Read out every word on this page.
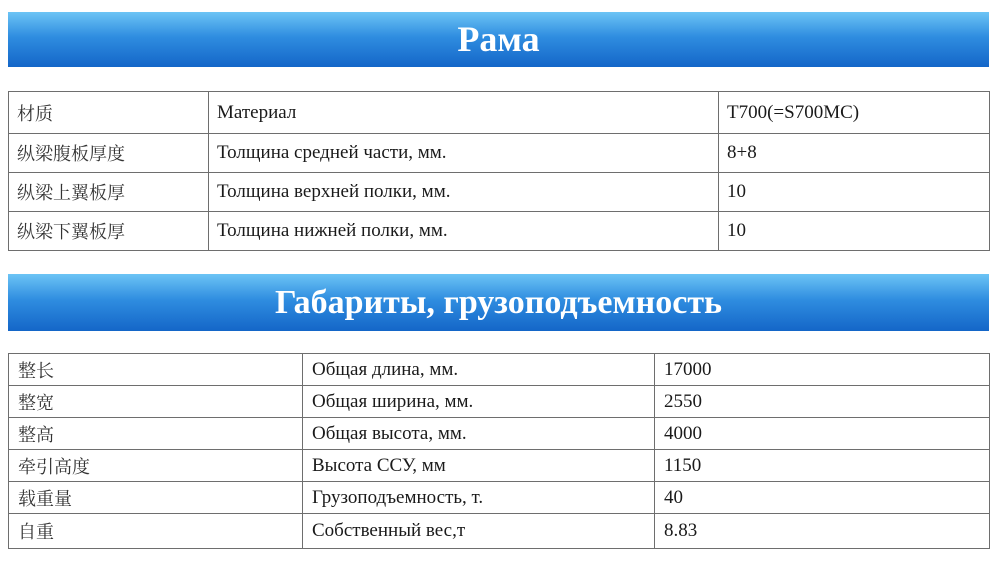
Рама
材质	Материал	T700(=S700MC)
纵梁腹板厚度	Толщина средней части, мм.	8+8
纵梁上翼板厚	Толщина верхней полки, мм.	10
纵梁下翼板厚	Толщина нижней полки, мм.	10
Габариты, грузоподъемность
整长	Общая длина, мм.	17000
整宽	Общая ширина, мм.	2550
整高	Общая высота, мм.	4000
牵引高度	Высота ССУ, мм	1150
载重量	Грузоподъемность, т.	40
自重	Собственный вес,т	8.83
